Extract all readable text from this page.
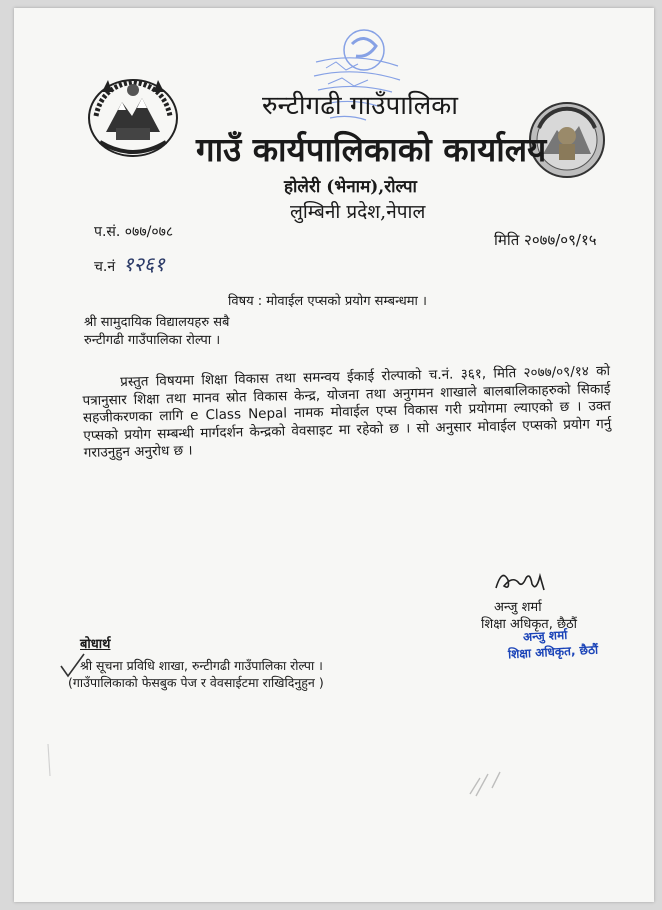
रुन्टीगढी गाउँपालिका
गाउँ कार्यपालिकाको कार्यालय
होलेरी (भेनाम),रोल्पा
लुम्बिनी प्रदेश,नेपाल
प.सं. ०७७/०७८
च.नं १२६१
मिति २०७७/०९/१५
विषय : मोवाईल एप्सको प्रयोग सम्बन्धमा ।
श्री सामुदायिक विद्यालयहरु सबै
रुन्टीगढी गाउँपालिका रोल्पा ।
प्रस्तुत विषयमा शिक्षा विकास तथा समन्वय ईकाई रोल्पाको च.नं. ३६१, मिति २०७७/०९/१४ को पत्रानुसार शिक्षा तथा मानव स्रोत विकास केन्द्र, योजना तथा अनुगमन शाखाले बालबालिकाहरुको सिकाई सहजीकरणका लागि e Class Nepal नामक मोवाईल एप्स विकास गरी प्रयोगमा ल्याएको छ । उक्त एप्सको प्रयोग सम्बन्धी मार्गदर्शन केन्द्रको वेवसाइट मा रहेको छ । सो अनुसार मोवाईल एप्सको प्रयोग गर्नु गराउनुहुन अनुरोध छ ।
अन्जु शर्मा
शिक्षा अधिकृत, छैठौं
अन्जु शर्मा
शिक्षा अधिकृत, छैठौं
बोधार्थ
श्री सूचना प्रविधि शाखा, रुन्टीगढी गाउँपालिका रोल्पा ।
(गाउँपालिकाको फेसबुक पेज र वेवसाईटमा राखिदिनुहुन )
